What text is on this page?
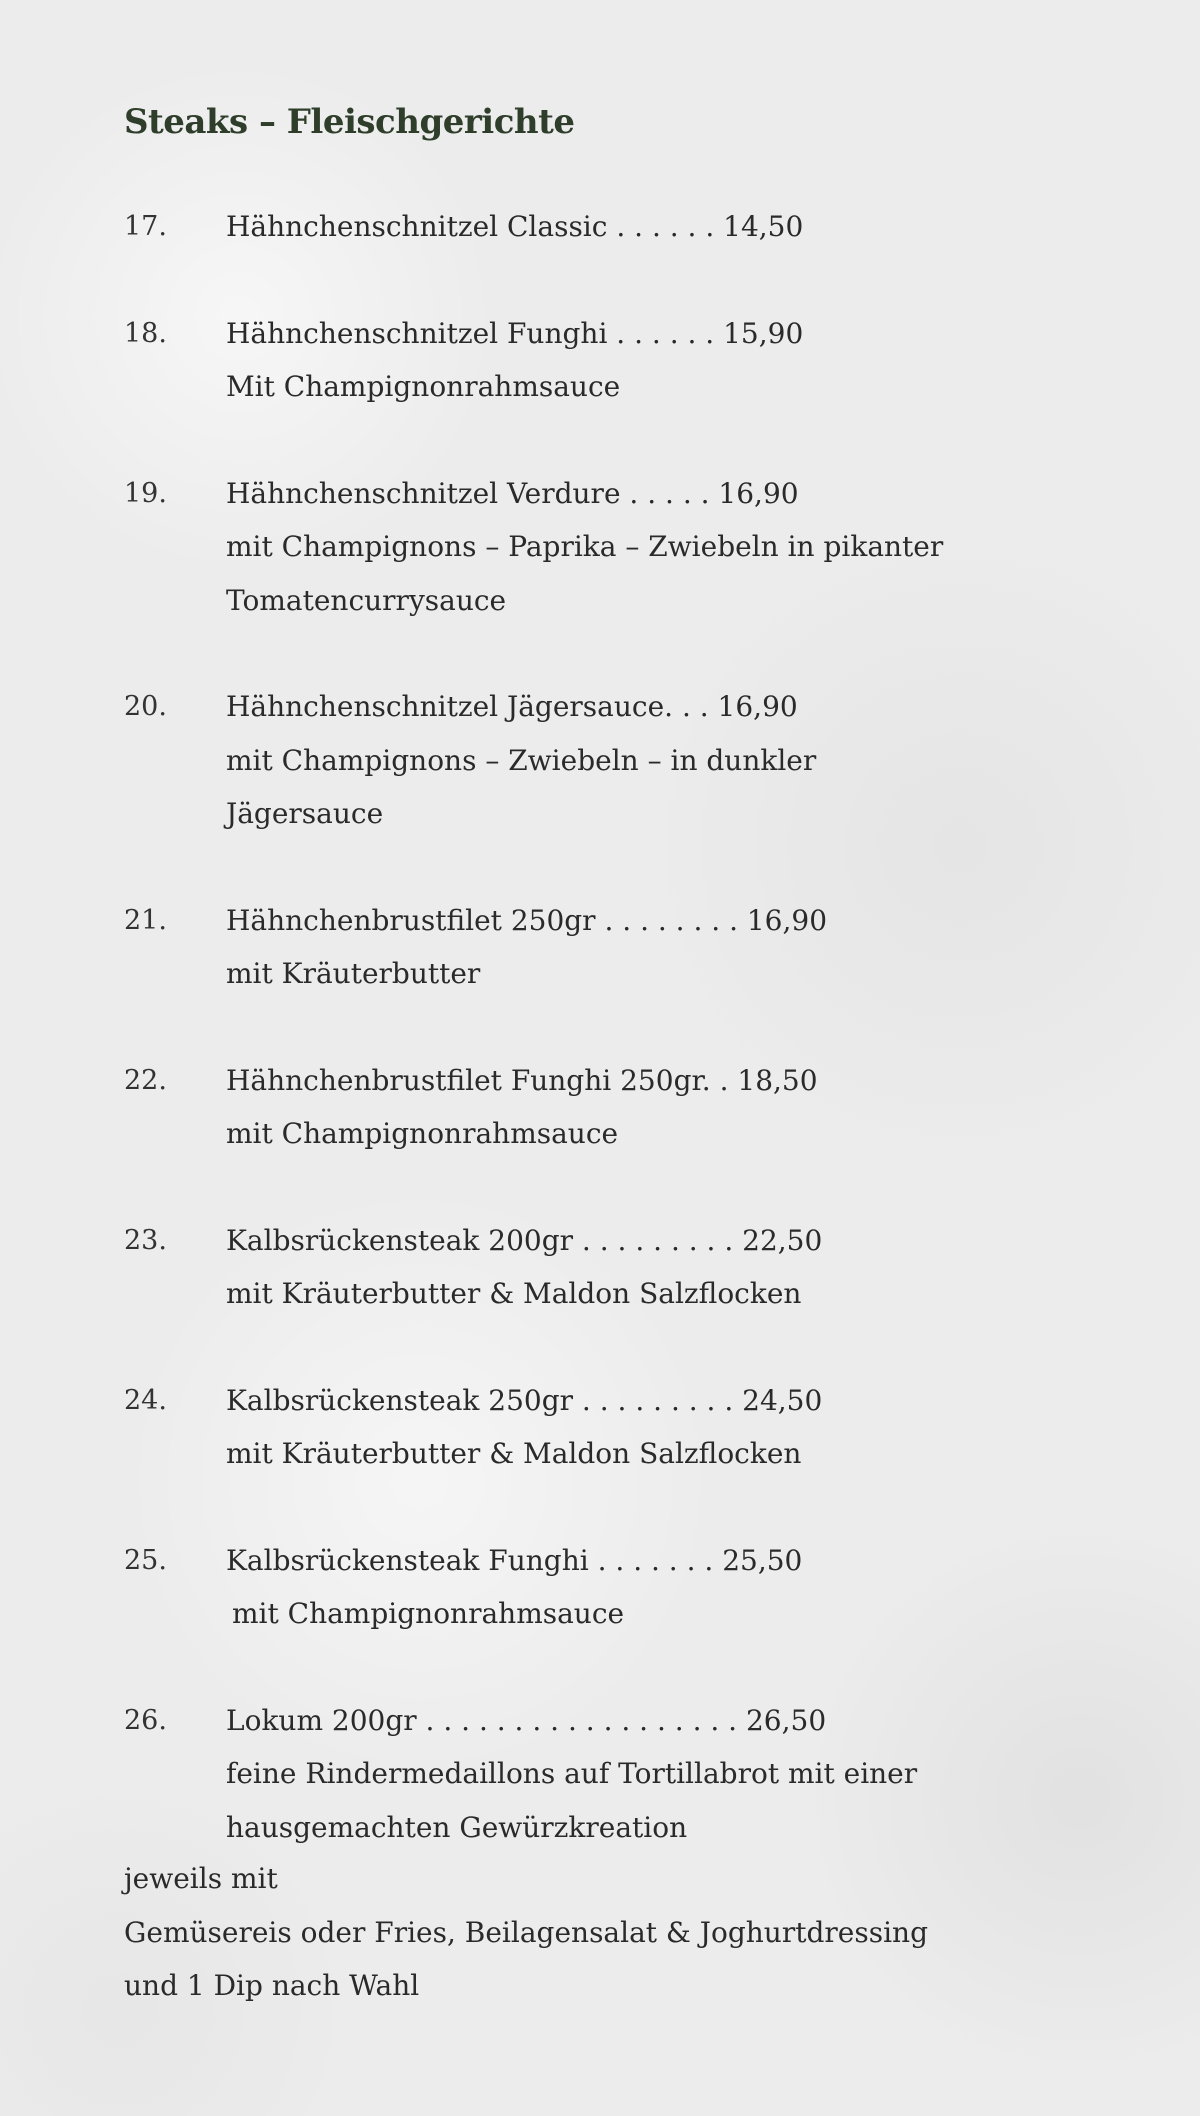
Steaks – Fleischgerichte
17.	Hähnchenschnitzel Classic . . . . . . 14,50
18.	Hähnchenschnitzel Funghi . . . . . . 15,90
Mit Champignonrahmsauce
19.	Hähnchenschnitzel Verdure . . . . . 16,90
mit Champignons – Paprika – Zwiebeln in pikanter Tomatencurrysauce
20.	Hähnchenschnitzel Jägersauce. . . 16,90
mit Champignons – Zwiebeln – in dunkler Jägersauce
21.	Hähnchenbrustfilet 250gr . . . . . . . . 16,90
mit Kräuterbutter
22.	Hähnchenbrustfilet Funghi 250gr. . 18,50
mit Champignonrahmsauce
23.	Kalbsrückensteak 200gr . . . . . . . . . 22,50
mit Kräuterbutter & Maldon Salzflocken
24.	Kalbsrückensteak 250gr . . . . . . . . . 24,50
mit Kräuterbutter & Maldon Salzflocken
25.	Kalbsrückensteak Funghi . . . . . . . 25,50
mit Champignonrahmsauce
26.	Lokum 200gr . . . . . . . . . . . . . . . . . . 26,50
feine Rindermedaillons auf Tortillabrot mit einer hausgemachten Gewürzkreation
jeweils mit
Gemüsereis oder Fries, Beilagensalat & Joghurtdressing
und 1 Dip nach Wahl
